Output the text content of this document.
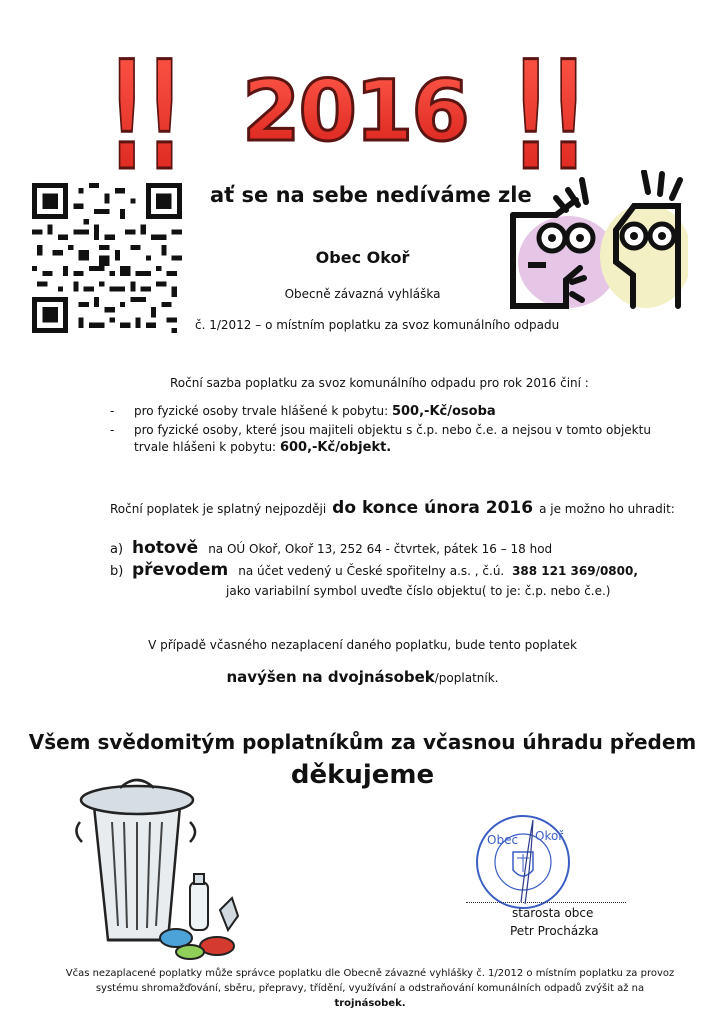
!! 2016 !!
ať se na sebe nedíváme zle
Obec Okoř
Obecně závazná vyhláška
č. 1/2012 – o místním poplatku za svoz komunálního odpadu
Roční sazba poplatku za svoz komunálního odpadu pro rok 2016 činí :
- pro fyzické osoby trvale hlášené k pobytu: 500,-Kč/osoba
- pro fyzické osoby, které jsou majiteli objektu s č.p. nebo č.e. a nejsou v tomto objektu trvale hlášeni k pobytu: 600,-Kč/objekt.
Roční poplatek je splatný nejpozději do konce února 2016 a je možno ho uhradit:
a) hotově na OÚ Okoř, Okoř 13, 252 64 - čtvrtek, pátek 16 – 18 hod
b) převodem na účet vedený u České spořitelny a.s. , č.ú. 388 121 369/0800,
jako variabilní symbol uveďte číslo objektu( to je: č.p. nebo č.e.)
V případě včasného nezaplacení daného poplatku, bude tento poplatek
navýšen na dvojnásobek/poplatník.
Všem svědomitým poplatníkům za včasnou úhradu předem
děkujeme
Obec Okoř
starosta obce
Petr Procházka
Včas nezaplacené poplatky může správce poplatku dle Obecně závazné vyhlášky č. 1/2012 o místním poplatku za provoz systému shromažďování, sběru, přepravy, třídění, využívání a odstraňování komunálních odpadů zvýšit až na trojnásobek.
